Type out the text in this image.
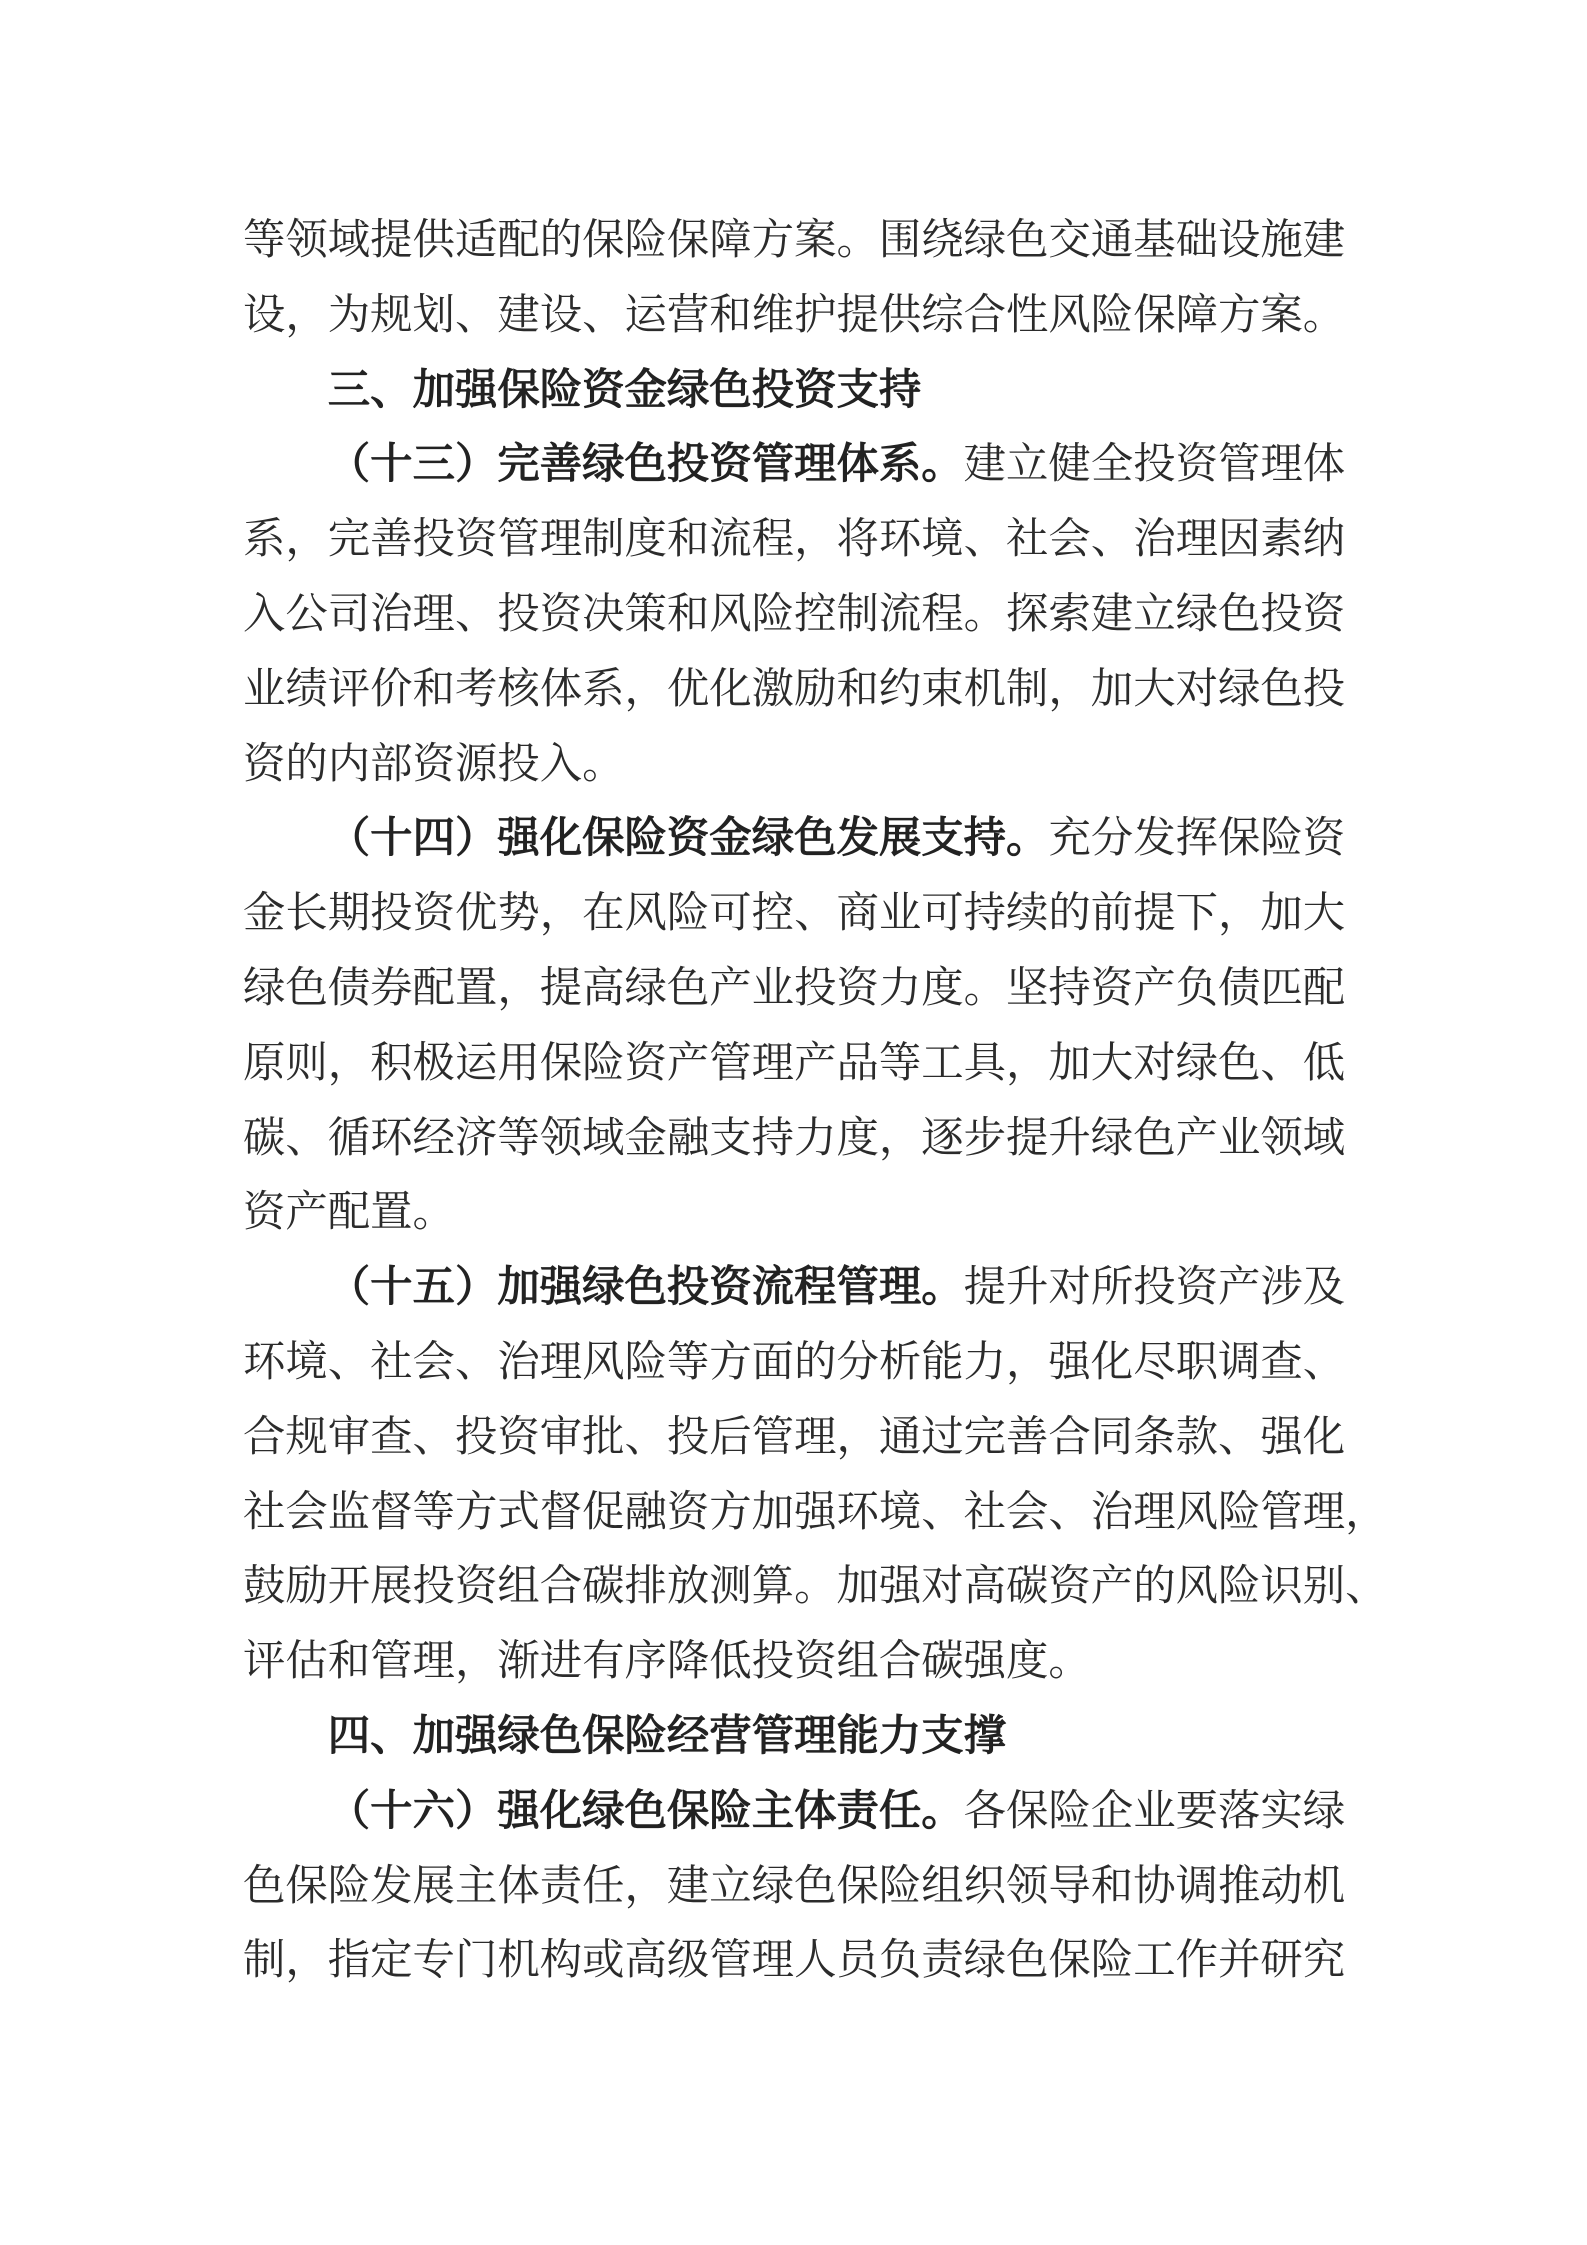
等领域提供适配的保险保障方案。围绕绿色交通基础设施建
设，为规划、建设、运营和维护提供综合性风险保障方案。
三、加强保险资金绿色投资支持
（十三）完善绿色投资管理体系。建立健全投资管理体
系，完善投资管理制度和流程，将环境、社会、治理因素纳
入公司治理、投资决策和风险控制流程。探索建立绿色投资
业绩评价和考核体系，优化激励和约束机制，加大对绿色投
资的内部资源投入。
（十四）强化保险资金绿色发展支持。充分发挥保险资
金长期投资优势，在风险可控、商业可持续的前提下，加大
绿色债券配置，提高绿色产业投资力度。坚持资产负债匹配
原则，积极运用保险资产管理产品等工具，加大对绿色、低
碳、循环经济等领域金融支持力度，逐步提升绿色产业领域
资产配置。
（十五）加强绿色投资流程管理。提升对所投资产涉及
环境、社会、治理风险等方面的分析能力，强化尽职调查、
合规审查、投资审批、投后管理，通过完善合同条款、强化
社会监督等方式督促融资方加强环境、社会、治理风险管理，
鼓励开展投资组合碳排放测算。加强对高碳资产的风险识别、
评估和管理，渐进有序降低投资组合碳强度。
四、加强绿色保险经营管理能力支撑
（十六）强化绿色保险主体责任。各保险企业要落实绿
色保险发展主体责任，建立绿色保险组织领导和协调推动机
制，指定专门机构或高级管理人员负责绿色保险工作并研究
